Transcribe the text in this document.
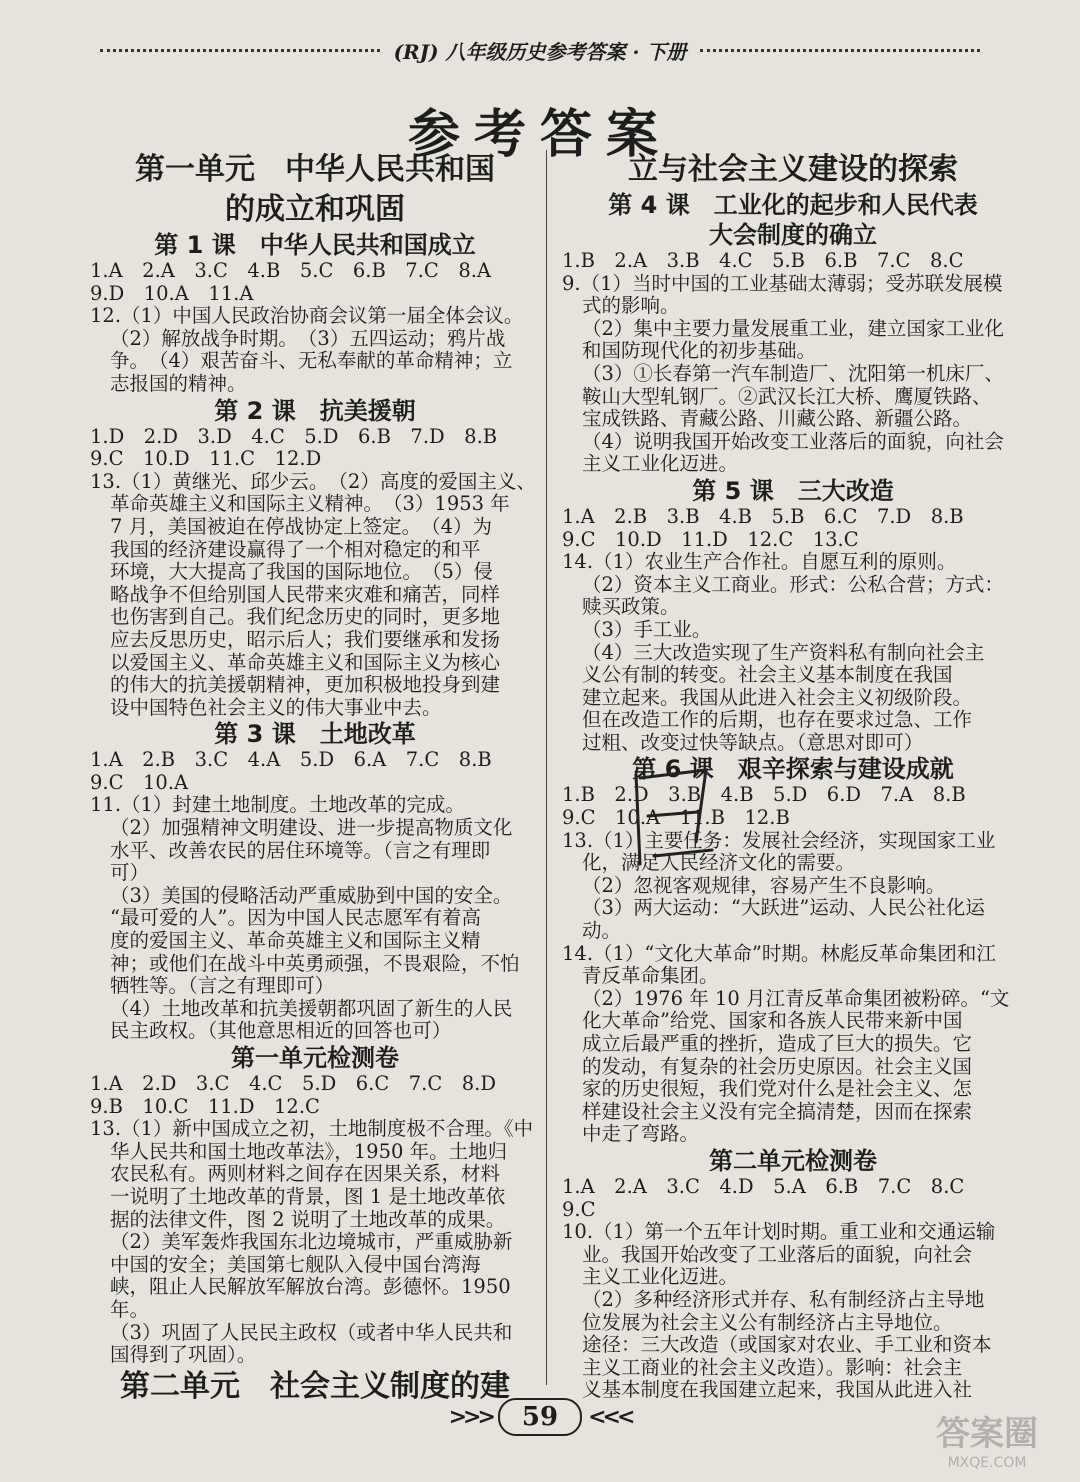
(RJ) 八年级历史参考答案 · 下册
参考答案
第一单元　中华人民共和国
的成立和巩固
第 1 课　中华人民共和国成立
1.A　2.A　3.C　4.B　5.C　6.B　7.C　8.A
9.D　10.A　11.A
12.（1）中国人民政治协商会议第一届全体会议。
（2）解放战争时期。　（3）五四运动；鸦片战
争。　（4）艰苦奋斗、无私奉献的革命精神；立
志报国的精神。
第 2 课　抗美援朝
1.D　2.D　3.D　4.C　5.D　6.B　7.D　8.B
9.C　10.D　11.C　12.D
13.（1）黄继光、邱少云。　（2）高度的爱国主义、
革命英雄主义和国际主义精神。　（3）1953 年
7 月，美国被迫在停战协定上签定。　（4）为
我国的经济建设赢得了一个相对稳定的和平
环境，大大提高了我国的国际地位。　（5）侵
略战争不但给别国人民带来灾难和痛苦，同样
也伤害到自己。我们纪念历史的同时，更多地
应去反思历史，昭示后人；我们要继承和发扬
以爱国主义、革命英雄主义和国际主义为核心
的伟大的抗美援朝精神，更加积极地投身到建
设中国特色社会主义的伟大事业中去。
第 3 课　土地改革
1.A　2.B　3.C　4.A　5.D　6.A　7.C　8.B
9.C　10.A
11.（1）封建土地制度。土地改革的完成。
（2）加强精神文明建设、进一步提高物质文化
水平、改善农民的居住环境等。（言之有理即
可）
（3）美国的侵略活动严重威胁到中国的安全。
“最可爱的人”。因为中国人民志愿军有着高
度的爱国主义、革命英雄主义和国际主义精
神；或他们在战斗中英勇顽强，不畏艰险，不怕
牺牲等。（言之有理即可）
（4）土地改革和抗美援朝都巩固了新生的人民
民主政权。（其他意思相近的回答也可）
第一单元检测卷
1.A　2.D　3.C　4.C　5.D　6.C　7.C　8.D
9.B　10.C　11.D　12.C
13.（1）新中国成立之初，土地制度极不合理。《中
华人民共和国土地改革法》，1950 年。土地归
农民私有。两则材料之间存在因果关系，材料
一说明了土地改革的背景，图 1 是土地改革依
据的法律文件，图 2 说明了土地改革的成果。
（2）美军轰炸我国东北边境城市，严重威胁新
中国的安全；美国第七舰队入侵中国台湾海
峡，阻止人民解放军解放台湾。彭德怀。1950
年。
（3）巩固了人民民主政权（或者中华人民共和
国得到了巩固）。
第二单元　社会主义制度的建
立与社会主义建设的探索
第 4 课　工业化的起步和人民代表
大会制度的确立
1.B　2.A　3.B　4.C　5.B　6.B　7.C　8.C
9.（1）当时中国的工业基础太薄弱；受苏联发展模
式的影响。
（2）集中主要力量发展重工业，建立国家工业化
和国防现代化的初步基础。
（3）①长春第一汽车制造厂、沈阳第一机床厂、
鞍山大型轧钢厂。②武汉长江大桥、鹰厦铁路、
宝成铁路、青藏公路、川藏公路、新疆公路。
（4）说明我国开始改变工业落后的面貌，向社会
主义工业化迈进。
第 5 课　三大改造
1.A　2.B　3.B　4.B　5.B　6.C　7.D　8.B
9.C　10.D　11.D　12.C　13.C
14.（1）农业生产合作社。自愿互利的原则。
（2）资本主义工商业。形式：公私合营；方式：
赎买政策。
（3）手工业。
（4）三大改造实现了生产资料私有制向社会主
义公有制的转变。社会主义基本制度在我国
建立起来。我国从此进入社会主义初级阶段。
但在改造工作的后期，也存在要求过急、工作
过粗、改变过快等缺点。（意思对即可）
第 6 课　艰辛探索与建设成就
1.B　2.D　3.B　4.B　5.D　6.D　7.A　8.B
9.C　10.A　11.B　12.B
13.（1）主要任务：发展社会经济，实现国家工业
化，满足人民经济文化的需要。
（2）忽视客观规律，容易产生不良影响。
（3）两大运动：“大跃进”运动、人民公社化运
动。
14.（1）“文化大革命”时期。林彪反革命集团和江
青反革命集团。
（2）1976 年 10 月江青反革命集团被粉碎。“文
化大革命”给党、国家和各族人民带来新中国
成立后最严重的挫折，造成了巨大的损失。它
的发动，有复杂的社会历史原因。社会主义国
家的历史很短，我们党对什么是社会主义、怎
样建设社会主义没有完全搞清楚，因而在探索
中走了弯路。
第二单元检测卷
1.A　2.A　3.C　4.D　5.A　6.B　7.C　8.C
9.C
10.（1）第一个五年计划时期。重工业和交通运输
业。我国开始改变了工业落后的面貌，向社会
主义工业化迈进。
（2）多种经济形式并存、私有制经济占主导地
位发展为社会主义公有制经济占主导地位。
途径：三大改造（或国家对农业、手工业和资本
主义工商业的社会主义改造）。影响：社会主
义基本制度在我国建立起来，我国从此进入社
>>>	59	<<<	答案圈
MXQE.COM
